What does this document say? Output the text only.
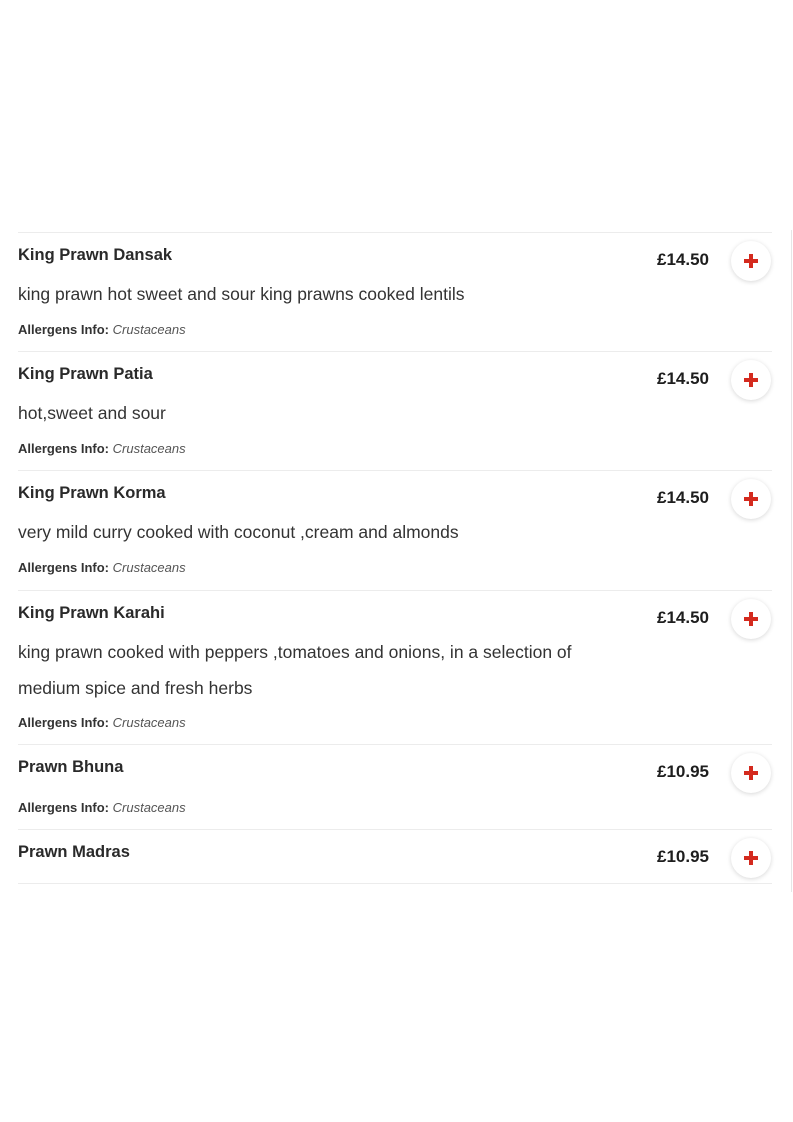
King Prawn Dansak
king prawn hot sweet and sour king prawns cooked lentils
Allergens Info: Crustaceans
£14.50
King Prawn Patia
hot,sweet and sour
Allergens Info: Crustaceans
£14.50
King Prawn Korma
very mild curry cooked with coconut ,cream and almonds
Allergens Info: Crustaceans
£14.50
King Prawn Karahi
king prawn cooked with peppers ,tomatoes and onions, in a selection of medium spice and fresh herbs
Allergens Info: Crustaceans
£14.50
Prawn Bhuna
Allergens Info: Crustaceans
£10.95
Prawn Madras	£10.95
